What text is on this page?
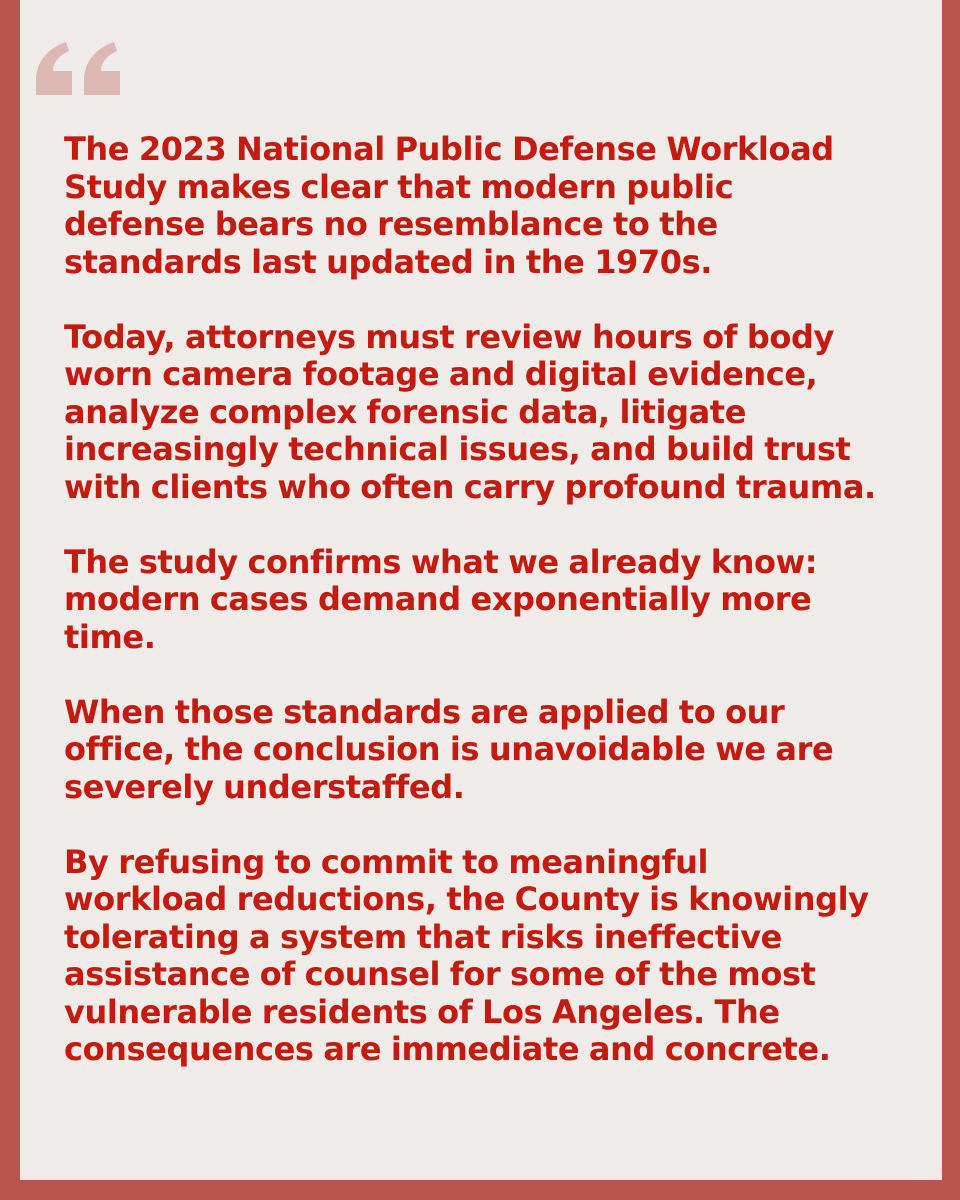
The 2023 National Public Defense Workload
Study makes clear that modern public
defense bears no resemblance to the
standards last updated in the 1970s.

Today, attorneys must review hours of body
worn camera footage and digital evidence,
analyze complex forensic data, litigate
increasingly technical issues, and build trust
with clients who often carry profound trauma.

The study confirms what we already know:
modern cases demand exponentially more
time.

When those standards are applied to our
office, the conclusion is unavoidable we are
severely understaffed.

By refusing to commit to meaningful
workload reductions, the County is knowingly
tolerating a system that risks ineffective
assistance of counsel for some of the most
vulnerable residents of Los Angeles. The
consequences are immediate and concrete.
